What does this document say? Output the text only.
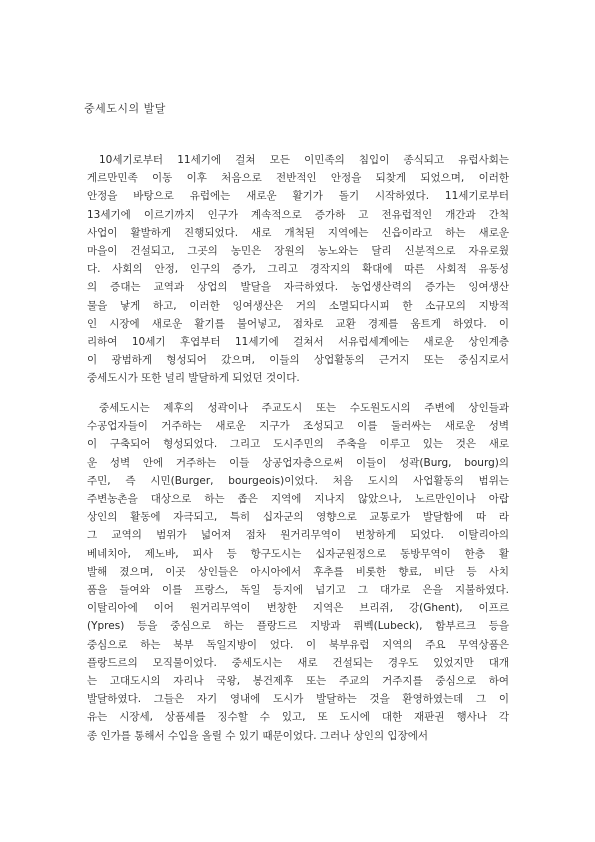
중세도시의 발달
10세기로부터 11세기에 걸쳐 모든 이민족의 침입이 종식되고 유럽사회는
게르만민족 이동 이후 처음으로 전반적인 안정을 되찾게 되었으며, 이러한
안정을 바탕으로 유럽에는 새로운 활기가 돌기 시작하였다. 11세기로부터
13세기에 이르기까지 인구가 계속적으로 증가하 고 전유럽적인 개간과 간척
사업이 활발하게 진행되었다. 새로 개척된 지역에는 신읍이라고 하는 새로운
마을이 건설되고, 그곳의 농민은 장원의 농노와는 달리 신분적으로 자유로웠
다. 사회의 안정, 인구의 증가, 그리고 경작지의 확대에 따른 사회적 유동성
의 증대는 교역과 상업의 발달을 자극하였다. 농업생산력의 증가는 잉여생산
물을 낳게 하고, 이러한 잉여생산은 거의 소멸되다시피 한 소규모의 지방적
인 시장에 새로운 활기를 불어넣고, 점차로 교환 경제를 움트게 하였다. 이
리하여 10세기 후엽부터 11세기에 걸쳐서 서유럽세계에는 새로운 상인계층
이 광범하게 형성되어 갔으며, 이들의 상업활동의 근거지 또는 중심지로서
중세도시가 또한 널리 발달하게 되었던 것이다.
중세도시는 제후의 성곽이나 주교도시 또는 수도원도시의 주변에 상인들과
수공업자들이 거주하는 새로운 지구가 조성되고 이를 둘러싸는 새로운 성벽
이 구축되어 형성되었다. 그리고 도시주민의 주축을 이루고 있는 것은 새로
운 성벽 안에 거주하는 이들 상공업자층으로써 이들이 성곽(Burg, bourg)의
주민, 즉 시민(Burger, bourgeois)이었다. 처음 도시의 사업활동의 범위는
주변농촌을 대상으로 하는 좁은 지역에 지나지 않았으나, 노르만인이나 아랍
상인의 활동에 자극되고, 특히 십자군의 영향으로 교통로가 발달함에 따 라
그 교역의 범위가 넓어져 점차 원거리무역이 번창하게 되었다. 이탈리아의
베네치아, 제노바, 피사 등 항구도시는 십자군원정으로 동방무역이 한층 활
발해 졌으며, 이곳 상인들은 아시아에서 후추를 비롯한 향료, 비단 등 사치
품을 들여와 이를 프랑스, 독일 등지에 넘기고 그 대가로 은을 지불하였다.
이탈리아에 이어 원거리무역이 번창한 지역은 브리쥐, 강(Ghent), 이프르
(Ypres) 등을 중심으로 하는 플랑드르 지방과 뤼벡(Lubeck), 함부르크 등을
중심으로 하는 북부 독일지방이 었다. 이 북부유럽 지역의 주요 무역상품은
플랑드르의 모직물이었다. 중세도시는 새로 건설되는 경우도 있었지만 대개
는 고대도시의 자리나 국왕, 봉건제후 또는 주교의 거주지를 중심으로 하여
발달하였다. 그들은 자기 영내에 도시가 발달하는 것을 환영하였는데 그 이
유는 시장세, 상품세를 징수할 수 있고, 또 도시에 대한 재판권 행사나 각
종 인가를 통해서 수입을 올릴 수 있기 때문이었다. 그러나 상인의 입장에서
